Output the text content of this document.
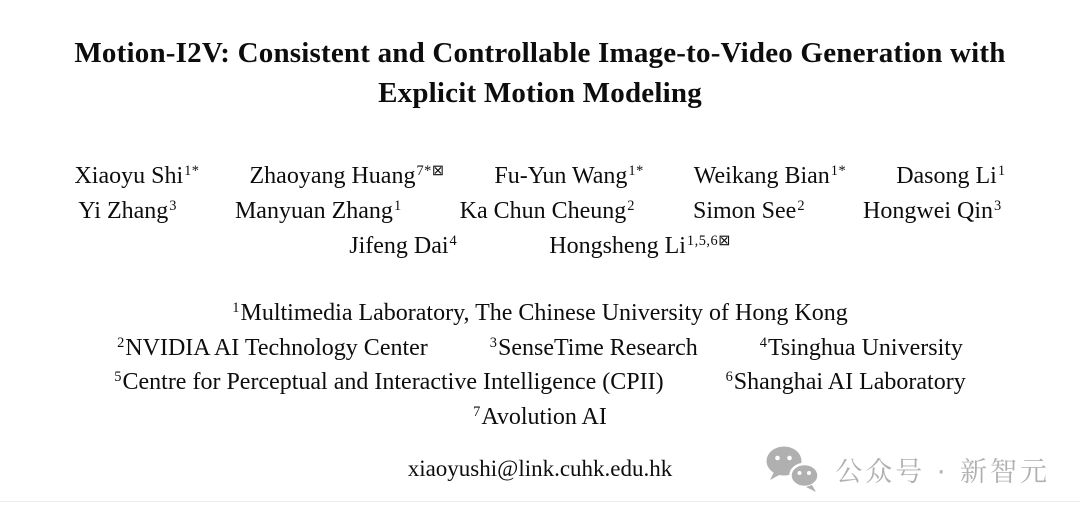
Motion-I2V: Consistent and Controllable Image-to-Video Generation with
Explicit Motion Modeling
Xiaoyu Shi$^{1*}$ Zhaoyang Huang$^{7*⊠}$ Fu-Yun Wang$^{1*}$ Weikang Bian$^{1*}$ Dasong Li$^1$
Yi Zhang$^3$ Manyuan Zhang$^1$ Ka Chun Cheung$^2$ Simon See$^2$ Hongwei Qin$^3$
Jifeng Dai$^4$	Hongsheng $Li^{1,5,6⊠}$
$^1$Multimedia Laboratory, The Chinese University of Hong Kong
$^2$NVIDIA AI Technology Center	$^3$SenseTime Research	$^4$Tsinghua University
$^5$Centre for Perceptual and Interactive Intelligence (CPII)	$^6$Shanghai AI Laboratory
$^7$Avolution AI
xiaoyushi@link.cuhk.edu.hk	公众号 · 新智元
